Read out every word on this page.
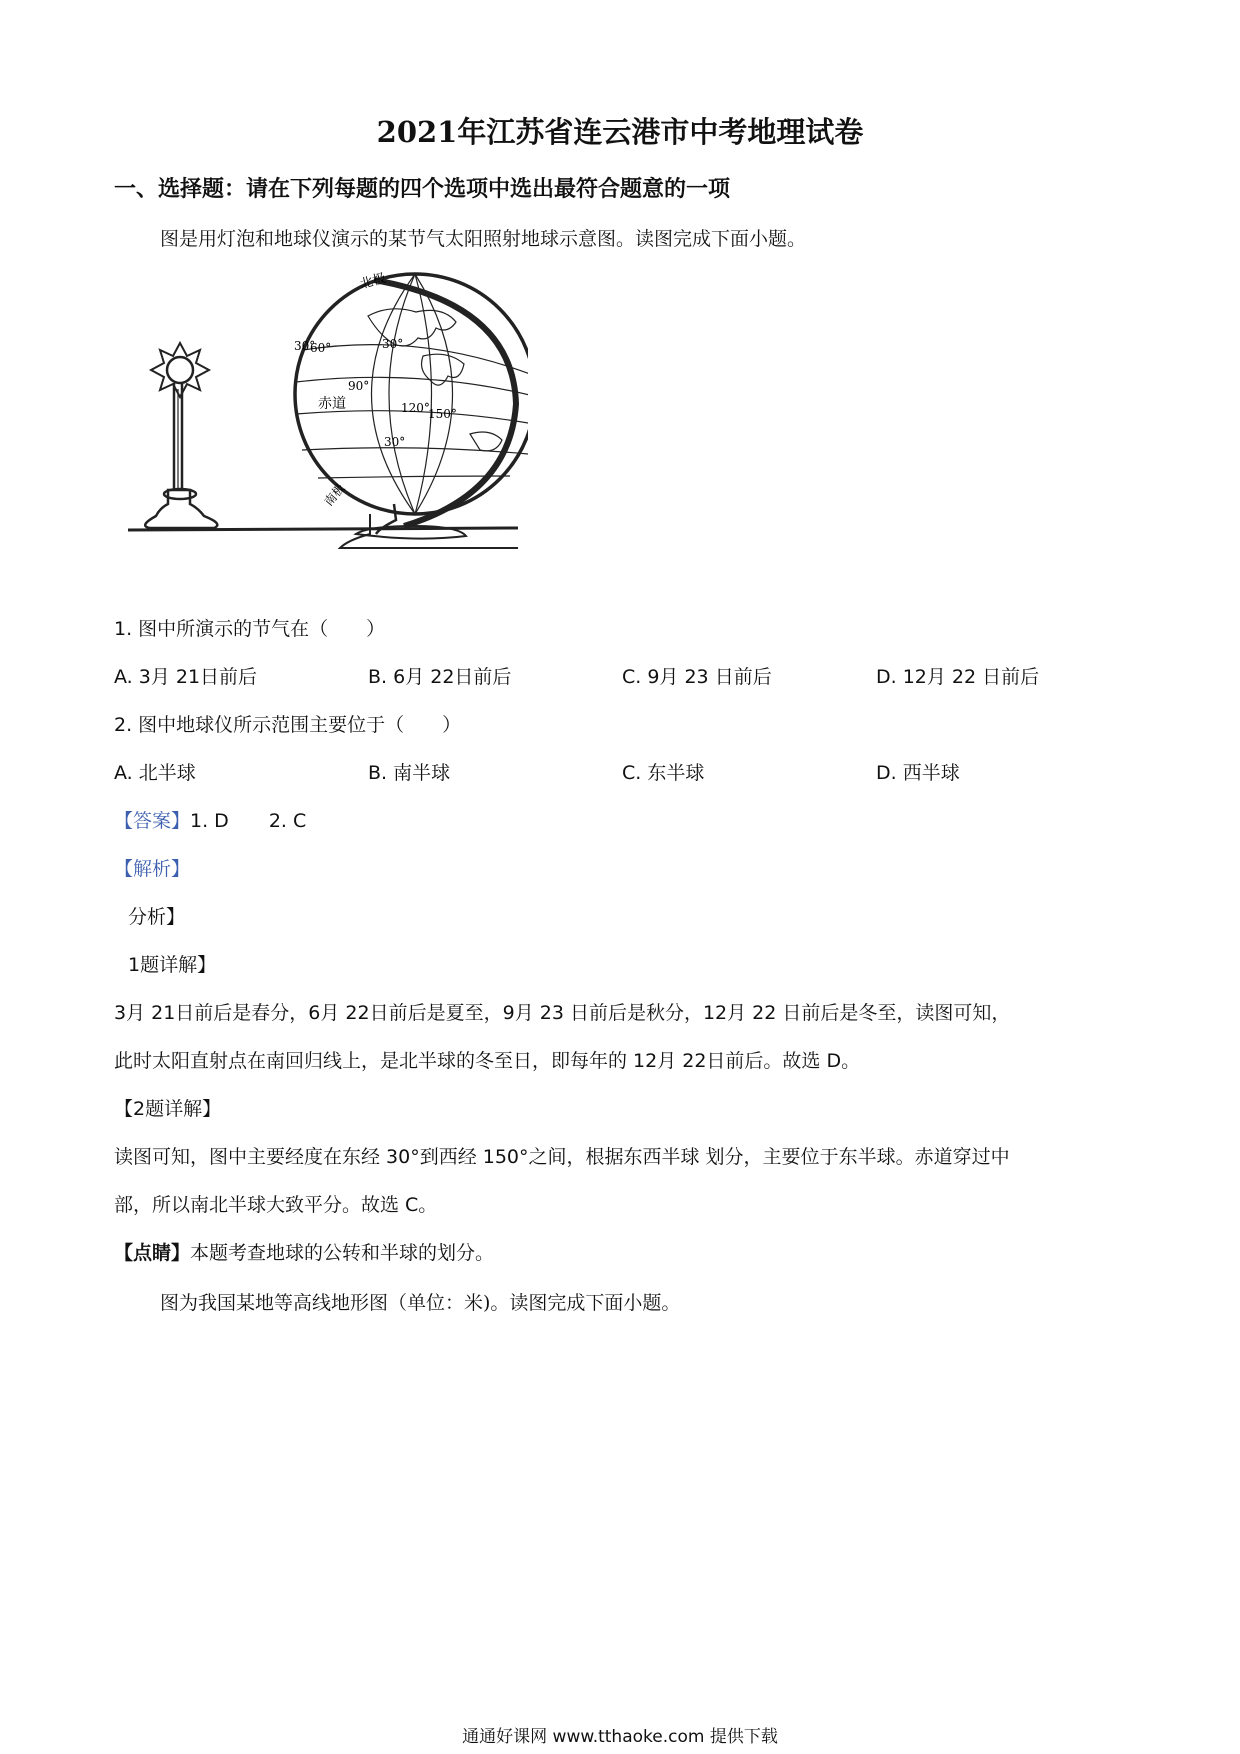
2021年江苏省连云港市中考地理试卷
一、选择题：请在下列每题的四个选项中选出最符合题意的一项
图是用灯泡和地球仪演示的某节气太阳照射地球示意图。读图完成下面小题。
北极
南极
赤道
30°
60°
30°
90°
120°
150°
30°
1. 图中所演示的节气在（　　）
A. 3月 21日前后	B. 6月 22日前后	C. 9月 23 日前后	D. 12月 22 日前后
2. 图中地球仪所示范围主要位于（　　）
A. 北半球	B. 南半球	C. 东半球	D. 西半球
【答案】1. D 2. C
【解析】
分析】
1题详解】
3月 21日前后是春分，6月 22日前后是夏至，9月 23 日前后是秋分，12月 22 日前后是冬至，读图可知，
此时太阳直射点在南回归线上，是北半球的冬至日，即每年的 12月 22日前后。故选 D。
【2题详解】
读图可知，图中主要经度在东经 30°到西经 150°之间，根据东西半球 划分，主要位于东半球。赤道穿过中
部，所以南北半球大致平分。故选 C。
【点睛】本题考查地球的公转和半球的划分。
图为我国某地等高线地形图（单位：米)。读图完成下面小题。
通通好课网 www.tthaoke.com 提供下载
